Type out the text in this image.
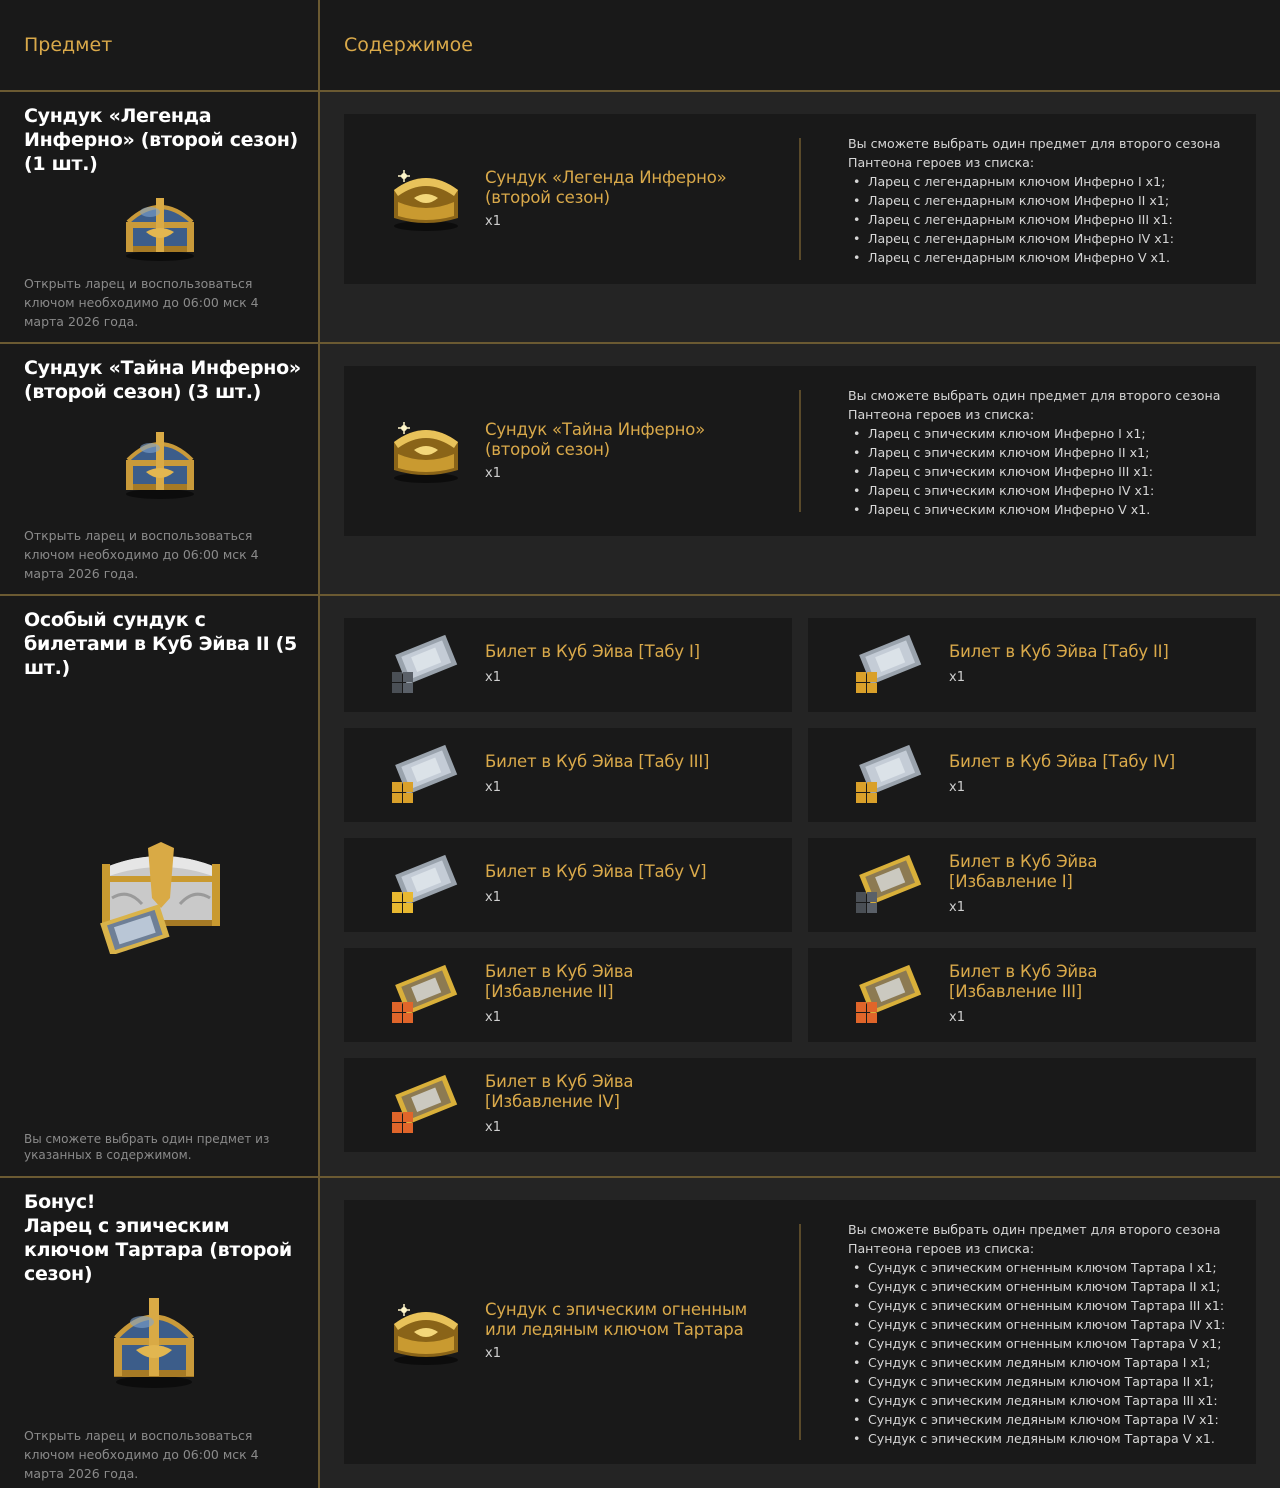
Предмет	Содержимое
Сундук «Легенда Инферно» (второй сезон) (1 шт.)
Открыть ларец и воспользоваться ключом необходимо до 06:00 мск 4 марта 2026 года.
Сундук «Легенда Инферно» (второй сезон)
x1
Вы сможете выбрать один предмет для второго сезона Пантеона героев из списка:
• Ларец с легендарным ключом Инферно I x1;
• Ларец с легендарным ключом Инферно II x1;
• Ларец с легендарным ключом Инферно III x1:
• Ларец с легендарным ключом Инферно IV x1:
• Ларец с легендарным ключом Инферно V x1.
Сундук «Тайна Инферно» (второй сезон) (3 шт.)
Открыть ларец и воспользоваться ключом необходимо до 06:00 мск 4 марта 2026 года.
Сундук «Тайна Инферно» (второй сезон)
x1
Вы сможете выбрать один предмет для второго сезона Пантеона героев из списка:
• Ларец с эпическим ключом Инферно I x1;
• Ларец с эпическим ключом Инферно II x1;
• Ларец с эпическим ключом Инферно III x1:
• Ларец с эпическим ключом Инферно IV x1:
• Ларец с эпическим ключом Инферно V x1.
Особый сундук с билетами в Куб Эйва II (5 шт.)
Вы сможете выбрать один предмет из указанных в содержимом.
Билет в Куб Эйва [Табу I]
x1
Билет в Куб Эйва [Табу II]
x1
Билет в Куб Эйва [Табу III]
x1
Билет в Куб Эйва [Табу IV]
x1
Билет в Куб Эйва [Табу V]
x1
Билет в Куб Эйва [Избавление I]
x1
Билет в Куб Эйва [Избавление II]
x1
Билет в Куб Эйва [Избавление III]
x1
Билет в Куб Эйва [Избавление IV]
x1
Бонус!
Ларец с эпическим ключом Тартара (второй сезон)
Открыть ларец и воспользоваться ключом необходимо до 06:00 мск 4 марта 2026 года.
Сундук с эпическим огненным или ледяным ключом Тартара
x1
Вы сможете выбрать один предмет для второго сезона Пантеона героев из списка:
• Сундук с эпическим огненным ключом Тартара I x1;
• Сундук с эпическим огненным ключом Тартара II x1;
• Сундук с эпическим огненным ключом Тартара III x1:
• Сундук с эпическим огненным ключом Тартара IV x1:
• Сундук с эпическим огненным ключом Тартара V x1;
• Сундук с эпическим ледяным ключом Тартара I x1;
• Сундук с эпическим ледяным ключом Тартара II x1;
• Сундук с эпическим ледяным ключом Тартара III x1:
• Сундук с эпическим ледяным ключом Тартара IV x1:
• Сундук с эпическим ледяным ключом Тартара V x1.
